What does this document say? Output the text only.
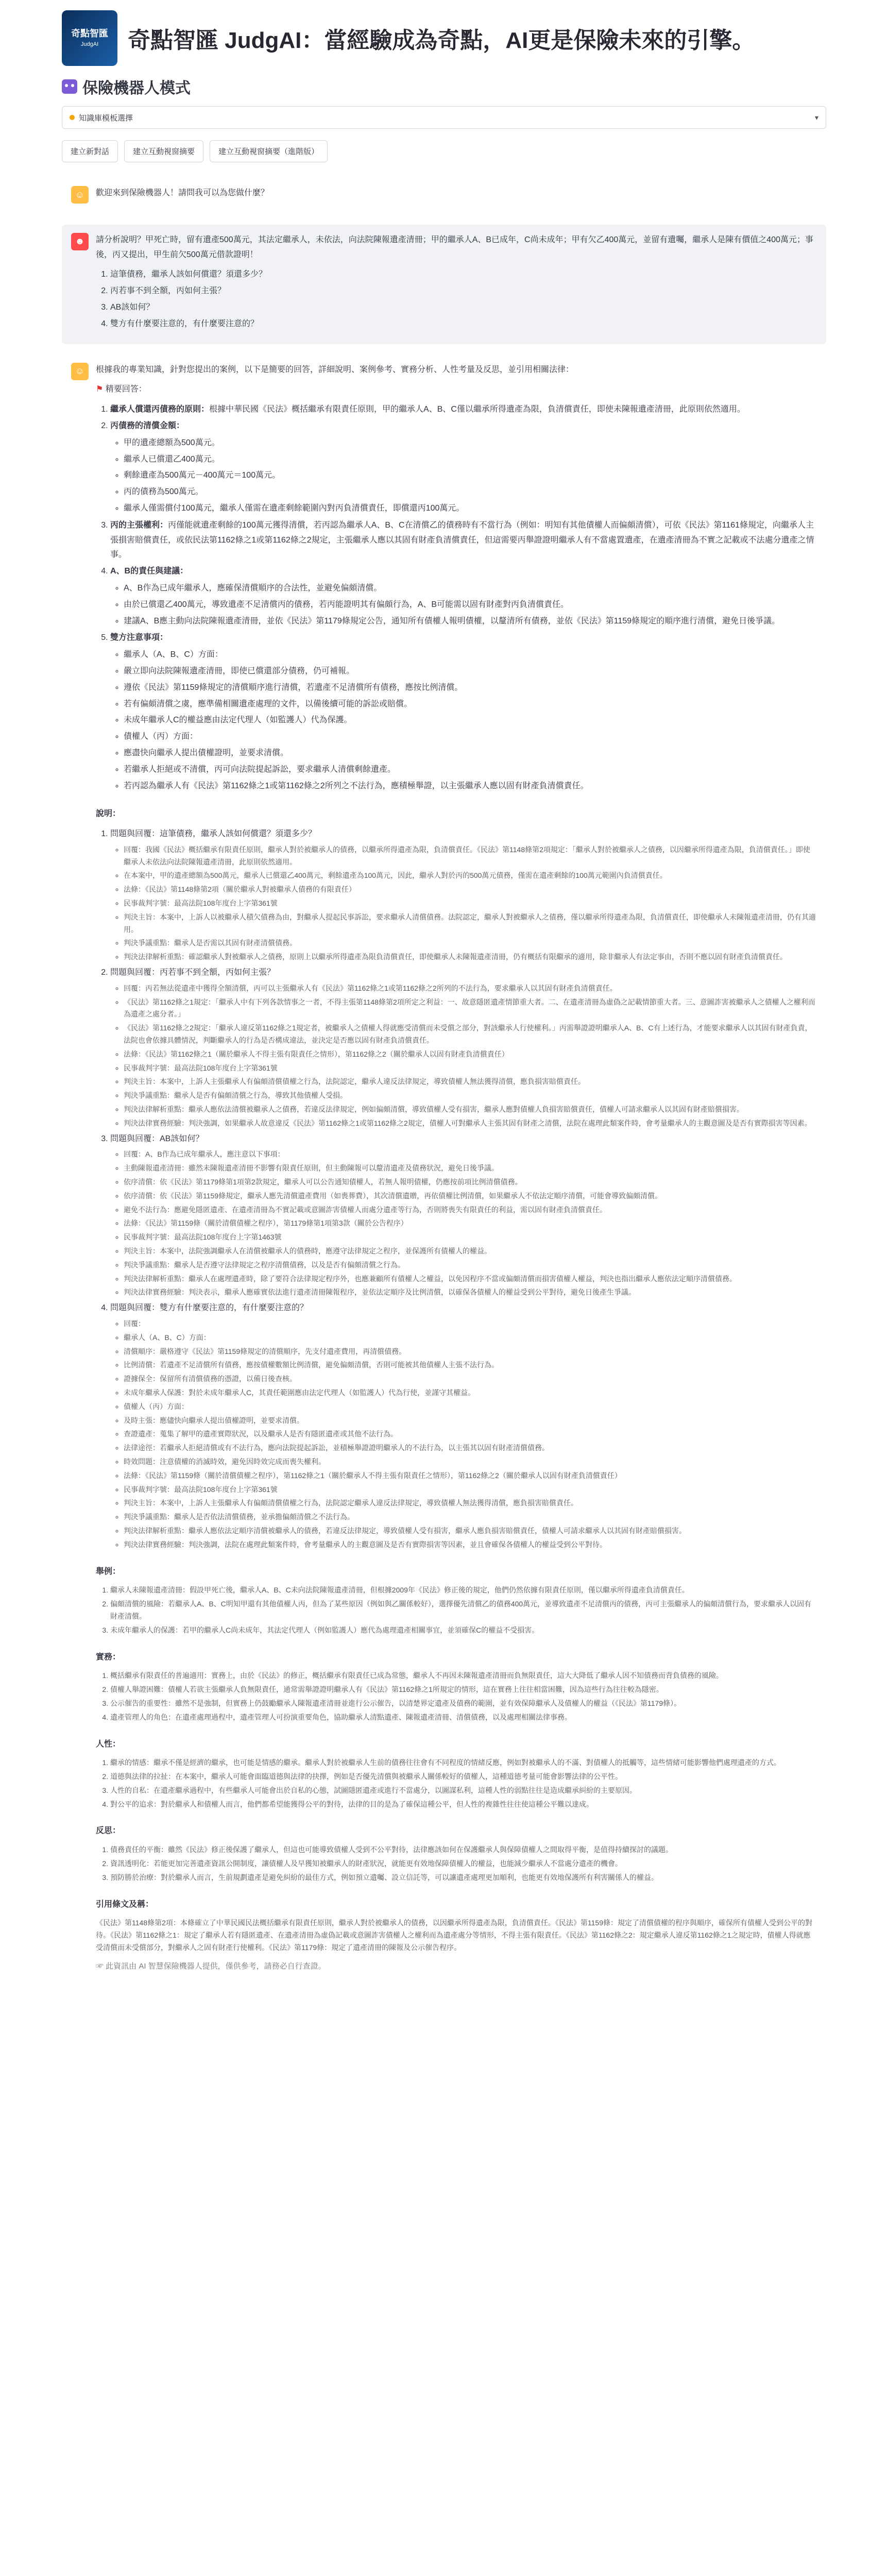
奇點智匯
JudgAI 奇點智匯 JudgAI：當經驗成為奇點，AI更是保險未來的引擎。
保險機器人模式
知識庫模板選擇	▾
建立新對話	建立互動視窗摘要	建立互動視窗摘要（進階版）
☺	歡迎來到保險機器人！請問我可以為您做什麼？

☻	請分析說明？甲死亡時，留有遺產500萬元，其法定繼承人，未依法，向法院陳報遺產清冊；甲的繼承人A、B已成年，C尚未成年；甲有欠乙400萬元，並留有遺囑，繼承人是陳有價值之400萬元；事後，丙又提出，甲生前欠500萬元借款證明！

1. 這筆債務，繼承人該如何償還？須還多少？
2. 丙若事不到全額，丙如何主張？
3. AB該如何？
4. 雙方有什麼要注意的，有什麼要注意的？
☺	根據我的專業知識，針對您提出的案例，以下是簡要的回答，詳細說明、案例參考、實務分析、人性考量及反思，並引用相關法律：

⚑ 精要回答：

1. 繼承人償還丙債務的原則：根據中華民國《民法》概括繼承有限責任原則，甲的繼承人A、B、C僅以繼承所得遺產為限，負清償責任，即使未陳報遺產清冊，此原則依然適用。
2. 丙債務的清償金額：
◦ 甲的遺產總額為500萬元。
◦ 繼承人已償還乙400萬元。
◦ 剩餘遺產為500萬元－400萬元＝100萬元。
◦ 丙的債務為500萬元。
◦ 繼承人僅需償付100萬元，繼承人僅需在遺產剩餘範圍內對丙負清償責任，即償還丙100萬元。
3. 丙的主張權利：丙僅能就遺產剩餘的100萬元獲得清償，若丙認為繼承人A、B、C在清償乙的債務時有不當行為（例如：明知有其他債權人而偏頗清償），可依《民法》第1161條規定，向繼承人主張損害賠償責任，或依民法第1162條之1或第1162條之2規定，主張繼承人應以其固有財產負清償責任，但這需要丙舉證證明繼承人有不當處置遺產，在遺產清冊為不實之記載或不法處分遺產之情事。
4. A、B的責任與建議：
◦ A、B作為已成年繼承人，應確保清償順序的合法性，並避免偏頗清償。
◦ 由於已償還乙400萬元，導致遺產不足清償丙的債務，若丙能證明其有偏頗行為，A、B可能需以固有財產對丙負清償責任。
◦ 建議A、B應主動向法院陳報遺產清冊，並依《民法》第1179條規定公告，通知所有債權人報明債權，以釐清所有債務，並依《民法》第1159條規定的順序進行清償，避免日後爭議。
5. 雙方注意事項：
◦ 繼承人（A、B、C）方面：
◦ 嚴立即向法院陳報遺產清冊，即使已償還部分債務，仍可補報。
◦ 遵依《民法》第1159條規定的清償順序進行清償，若遺產不足清償所有債務，應按比例清償。
◦ 若有偏頗清償之虞，應準備相關遺產處理的文件，以備後續可能的訴訟或賠償。
◦ 未成年繼承人C的權益應由法定代理人（如監護人）代為保護。
◦ 債權人（丙）方面：
◦ 應盡快向繼承人提出債權證明，並要求清償。
◦ 若繼承人拒絕或不清償，丙可向法院提起訴訟，要求繼承人清償剩餘遺產。
◦ 若丙認為繼承人有《民法》第1162條之1或第1162條之2所列之不法行為，應積極舉證，以主張繼承人應以固有財產負清償責任。

說明：

1. 問題與回覆：這筆債務，繼承人該如何償還？須還多少？
◦ 回覆：我國《民法》概括繼承有限責任原則，繼承人對於被繼承人的債務，以繼承所得遺產為限，負清償責任。《民法》第1148條第2項規定：「繼承人對於被繼承人之債務，以因繼承所得遺產為限，負清償責任。」即使繼承人未依法向法院陳報遺產清冊，此原則依然適用。
◦ 在本案中，甲的遺產總額為500萬元，繼承人已償還乙400萬元，剩餘遺產為100萬元，因此，繼承人對於丙的500萬元債務，僅需在遺產剩餘的100萬元範圍內負清償責任。
◦ 法條：《民法》第1148條第2項（關於繼承人對被繼承人債務的有限責任）
◦ 民事裁判字號：最高法院108年度台上字第361號
◦ 判決主旨：本案中，上訴人以被繼承人積欠債務為由，對繼承人提起民事訴訟，要求繼承人清償債務。法院認定，繼承人對被繼承人之債務，僅以繼承所得遺產為限，負清償責任，即使繼承人未陳報遺產清冊，仍有其適用。
◦ 判決爭議重點：繼承人是否需以其固有財產清償債務。
◦ 判決法律解析重點：確認繼承人對被繼承人之債務，原則上以繼承所得遺產為限負清償責任，即使繼承人未陳報遺產清冊，仍有概括有限繼承的適用，除非繼承人有法定事由，否則不應以固有財產負清償責任。
2. 問題與回覆：丙若事不到全額，丙如何主張？
◦ 回覆：丙若無法從遺產中獲得全額清償，丙可以主張繼承人有《民法》第1162條之1或第1162條之2所列的不法行為，要求繼承人以其固有財產負清償責任。
◦ 《民法》第1162條之1規定：「繼承人中有下列各款情事之一者，不得主張第1148條第2項所定之利益：一、故意隱匿遺產情節重大者。二、在遺產清冊為虛偽之記載情節重大者。三、意圖詐害被繼承人之債權人之權利而為遺產之處分者。」
◦ 《民法》第1162條之2規定：「繼承人違反第1162條之1規定者，被繼承人之債權人得就應受清償而未受償之部分，對該繼承人行使權利。」丙需舉證證明繼承人A、B、C有上述行為，才能要求繼承人以其固有財產負責，法院也會依據具體情況，判斷繼承人的行為是否構成違法，並決定是否應以固有財產負清償責任。
◦ 法條：《民法》第1162條之1（關於繼承人不得主張有限責任之情形），第1162條之2（關於繼承人以固有財產負清償責任）
◦ 民事裁判字號：最高法院108年度台上字第361號
◦ 判決主旨：本案中，上訴人主張繼承人有偏頗清償債權之行為，法院認定，繼承人違反法律規定，導致債權人無法獲得清償，應負損害賠償責任。
◦ 判決爭議重點：繼承人是否有偏頗清償之行為，導致其他債權人受損。
◦ 判決法律解析重點：繼承人應依法清償被繼承人之債務，若違反法律規定，例如偏頗清償，導致債權人受有損害，繼承人應對債權人負損害賠償責任，債權人可請求繼承人以其固有財產賠償損害。
◦ 判決法律實務經驗：判決強調，如果繼承人故意違反《民法》第1162條之1或第1162條之2規定，債權人可對繼承人主張其固有財產之清償，法院在處理此類案件時，會考量繼承人的主觀意圖及是否有實際損害等因素。
3. 問題與回覆：AB該如何？
◦ 回覆：A、B作為已成年繼承人，應注意以下事項：
◦ 主動陳報遺產清冊：雖然未陳報遺產清冊不影響有限責任原則，但主動陳報可以釐清遺產及債務狀況，避免日後爭議。
◦ 依序清償：依《民法》第1179條第1項第2款規定，繼承人可以公告通知債權人，若無人報明債權，仍應按前項比例清償債務。
◦ 依序清償：依《民法》第1159條規定，繼承人應先清償遺產費用（如喪葬費），其次清償遺贈，再依債權比例清償，如果繼承人不依法定順序清償，可能會導致偏頗清償。
◦ 避免不法行為：應避免隱匿遺產、在遺產清冊為不實記載或意圖詐害債權人而處分遺產等行為，否則將喪失有限責任的利益，需以固有財產負清償責任。
◦ 法條：《民法》第1159條（關於清償債權之程序），第1179條第1項第3款（關於公告程序）
◦ 民事裁判字號：最高法院108年度台上字第1463號
◦ 判決主旨：本案中，法院強調繼承人在清償被繼承人的債務時，應遵守法律規定之程序，並保護所有債權人的權益。
◦ 判決爭議重點：繼承人是否遵守法律規定之程序清償債務，以及是否有偏頗清償之行為。
◦ 判決法律解析重點：繼承人在處理遺產時，除了要符合法律規定程序外，也應兼顧所有債權人之權益，以免因程序不當或偏頗清償而損害債權人權益，判決也指出繼承人應依法定順序清償債務。
◦ 判決法律實務經驗：判決表示，繼承人應確實依法進行遺產清冊陳報程序，並依法定順序及比例清償，以確保各債權人的權益受到公平對待，避免日後產生爭議。
4. 問題與回覆：雙方有什麼要注意的，有什麼要注意的？
◦ 回覆：
◦ 繼承人（A、B、C）方面：
◦ 清償順序：嚴格遵守《民法》第1159條規定的清償順序，先支付遺產費用，再清償債務。
◦ 比例清償：若遺產不足清償所有債務，應按債權數額比例清償，避免偏頗清償，否則可能被其他債權人主張不法行為。
◦ 證據保全：保留所有清償債務的憑證，以備日後查核。
◦ 未成年繼承人保護：對於未成年繼承人C，其責任範圍應由法定代理人（如監護人）代為行使，並謹守其權益。
◦ 債權人（丙）方面：
◦ 及時主張：應儘快向繼承人提出債權證明，並要求清償。
◦ 查證遺產：蒐集了解甲的遺產實際狀況，以及繼承人是否有隱匿遺產或其他不法行為。
◦ 法律途徑：若繼承人拒絕清償或有不法行為，應向法院提起訴訟，並積極舉證證明繼承人的不法行為，以主張其以固有財產清償債務。
◦ 時效問題：注意債權的消滅時效，避免因時效完成而喪失權利。
◦ 法條：《民法》第1159條（關於清償債權之程序），第1162條之1（關於繼承人不得主張有限責任之情形），第1162條之2（關於繼承人以固有財產負清償責任）
◦ 民事裁判字號：最高法院108年度台上字第361號
◦ 判決主旨：本案中，上訴人主張繼承人有偏頗清償債權之行為，法院認定繼承人違反法律規定，導致債權人無法獲得清償，應負損害賠償責任。
◦ 判決爭議重點：繼承人是否依法清償債務，並承擔偏頗清償之不法行為。
◦ 判決法律解析重點：繼承人應依法定順序清償被繼承人的債務，若違反法律規定，導致債權人受有損害，繼承人應負損害賠償責任，債權人可請求繼承人以其固有財產賠償損害。
◦ 判決法律實務經驗：判決強調，法院在處理此類案件時，會考量繼承人的主觀意圖及是否有實際損害等因素，並且會確保各債權人的權益受到公平對待。

舉例：

1. 繼承人未陳報遺產清冊：假設甲死亡後，繼承人A、B、C未向法院陳報遺產清冊，但根據2009年《民法》修正後的規定，他們仍然依據有限責任原則，僅以繼承所得遺產負清償責任。
2. 偏頗清償的風險：若繼承人A、B、C明知甲還有其他債權人丙，但為了某些原因（例如與乙關係較好），選擇優先清償乙的債務400萬元，並導致遺產不足清償丙的債務，丙可主張繼承人的偏頗清償行為，要求繼承人以固有財產清償。
3. 未成年繼承人的保護：若甲的繼承人C尚未成年，其法定代理人（例如監護人）應代為處理遺產相關事宜，並須確保C的權益不受損害。

實務：

1. 概括繼承有限責任的普遍適用：實務上，由於《民法》的修正，概括繼承有限責任已成為常態，繼承人不再因未陳報遺產清冊而負無限責任，這大大降低了繼承人因不知債務而背負債務的風險。
2. 債權人舉證困難：債權人若欲主張繼承人負無限責任，通常需舉證證明繼承人有《民法》第1162條之1所規定的情形，這在實務上往往相當困難，因為這些行為往往較為隱密。
3. 公示催告的重要性：雖然不是強制，但實務上仍鼓勵繼承人陳報遺產清冊並進行公示催告，以清楚界定遺產及債務的範圍，並有效保障繼承人及債權人的權益（《民法》第1179條）。
4. 遺產管理人的角色：在遺產處理過程中，遺產管理人可扮演重要角色，協助繼承人清點遺產、陳報遺產清冊、清償債務，以及處理相關法律事務。

人性：

1. 繼承的情感：繼承不僅是經濟的繼承，也可能是情感的繼承。繼承人對於被繼承人生前的債務往往會有不同程度的情緒反應，例如對被繼承人的不滿、對債權人的抵觸等，這些情緒可能影響他們處理遺產的方式。
2. 道德與法律的拉扯：在本案中，繼承人可能會面臨道德與法律的抉擇，例如是否優先清償與被繼承人關係較好的債權人，這種道德考量可能會影響法律的公平性。
3. 人性的自私：在遺產繼承過程中，有些繼承人可能會出於自私的心態，試圖隱匿遺產或進行不當處分，以圖謀私利，這種人性的弱點往往是造成繼承糾紛的主要原因。
4. 對公平的追求：對於繼承人和債權人而言，他們都希望能獲得公平的對待，法律的目的是為了確保這種公平，但人性的複雜性往往使這種公平難以達成。

反思：

1. 債務責任的平衡：雖然《民法》修正後保護了繼承人，但這也可能導致債權人受到不公平對待，法律應該如何在保護繼承人與保障債權人之間取得平衡，是值得持續探討的議題。
2. 資訊透明化：若能更加完善遺產資訊公開制度，讓債權人及早獲知被繼承人的財產狀況，就能更有效地保障債權人的權益，也能減少繼承人不當處分遺產的機會。
3. 預防勝於治療：對於繼承人而言，生前規劃遺產是避免糾紛的最佳方式，例如預立遺囑、設立信託等，可以讓遺產處理更加順利，也能更有效地保護所有利害關係人的權益。

引用條文及稱：

《民法》第1148條第2項：本條確立了中華民國民法概括繼承有限責任原則，繼承人對於被繼承人的債務，以因繼承所得遺產為限，負清償責任。《民法》第1159條：規定了清償債權的程序與順序，確保所有債權人受到公平的對待。《民法》第1162條之1：規定了繼承人若有隱匿遺產、在遺產清冊為虛偽記載或意圖詐害債權人之權利而為遺產處分等情形，不得主張有限責任。《民法》第1162條之2：規定繼承人違反第1162條之1之規定時，債權人得就應受清償而未受償部分，對繼承人之固有財產行使權利。《民法》第1179條：規定了遺產清冊的陳報及公示催告程序。

☞ 此資訊由 AI 智慧保險機器人提供，僅供參考，請務必自行查證。
